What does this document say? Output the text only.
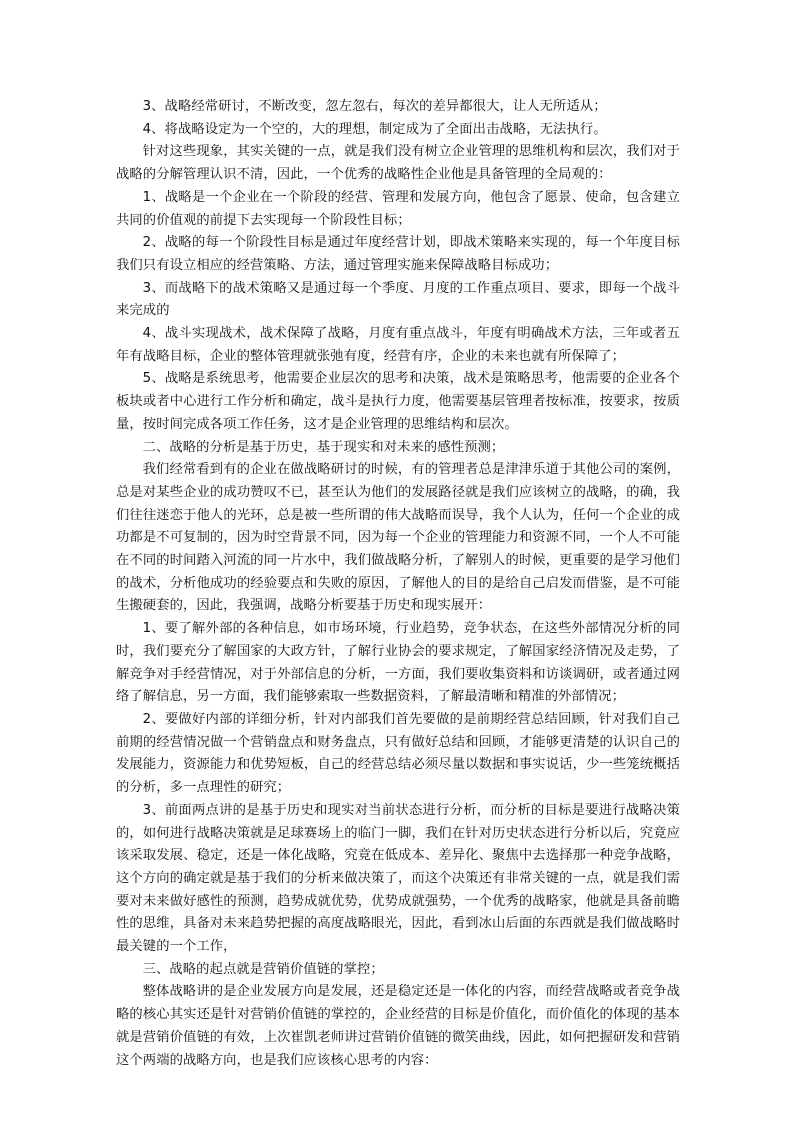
3、战略经常研讨，不断改变，忽左忽右，每次的差异都很大，让人无所适从；

4、将战略设定为一个空的，大的理想，制定成为了全面出击战略，无法执行。

针对这些现象，其实关键的一点，就是我们没有树立企业管理的思维机构和层次，我们对于战略的分解管理认识不清，因此，一个优秀的战略性企业他是具备管理的全局观的：

1、战略是一个企业在一个阶段的经营、管理和发展方向，他包含了愿景、使命，包含建立共同的价值观的前提下去实现每一个阶段性目标；

2、战略的每一个阶段性目标是通过年度经营计划，即战术策略来实现的，每一个年度目标我们只有设立相应的经营策略、方法，通过管理实施来保障战略目标成功；

3、而战略下的战术策略又是通过每一个季度、月度的工作重点项目、要求，即每一个战斗来完成的

4、战斗实现战术，战术保障了战略，月度有重点战斗，年度有明确战术方法，三年或者五年有战略目标，企业的整体管理就张弛有度，经营有序，企业的未来也就有所保障了；

5、战略是系统思考，他需要企业层次的思考和决策，战术是策略思考，他需要的企业各个板块或者中心进行工作分析和确定，战斗是执行力度，他需要基层管理者按标准，按要求，按质量，按时间完成各项工作任务，这才是企业管理的思维结构和层次。

二、战略的分析是基于历史，基于现实和对未来的感性预测；

我们经常看到有的企业在做战略研讨的时候，有的管理者总是津津乐道于其他公司的案例，总是对某些企业的成功赞叹不已，甚至认为他们的发展路径就是我们应该树立的战略，的确，我们往往迷恋于他人的光环，总是被一些所谓的伟大战略而误导，我个人认为，任何一个企业的成功都是不可复制的，因为时空背景不同，因为每一个企业的管理能力和资源不同，一个人不可能在不同的时间踏入河流的同一片水中，我们做战略分析，了解别人的时候，更重要的是学习他们的战术，分析他成功的经验要点和失败的原因，了解他人的目的是给自己启发而借鉴，是不可能生搬硬套的，因此，我强调，战略分析要基于历史和现实展开：

1、要了解外部的各种信息，如市场环境，行业趋势，竞争状态，在这些外部情况分析的同时，我们要充分了解国家的大政方针，了解行业协会的要求规定，了解国家经济情况及走势，了解竞争对手经营情况，对于外部信息的分析，一方面，我们要收集资料和访谈调研，或者通过网络了解信息，另一方面，我们能够索取一些数据资料，了解最清晰和精准的外部情况；

2、要做好内部的详细分析，针对内部我们首先要做的是前期经营总结回顾，针对我们自己前期的经营情况做一个营销盘点和财务盘点，只有做好总结和回顾，才能够更清楚的认识自己的发展能力，资源能力和优势短板，自己的经营总结必须尽量以数据和事实说话，少一些笼统概括的分析，多一点理性的研究；

3、前面两点讲的是基于历史和现实对当前状态进行分析，而分析的目标是要进行战略决策的，如何进行战略决策就是足球赛场上的临门一脚，我们在针对历史状态进行分析以后，究竟应该采取发展、稳定，还是一体化战略，究竟在低成本、差异化、聚焦中去选择那一种竞争战略，这个方向的确定就是基于我们的分析来做决策了，而这个决策还有非常关键的一点，就是我们需要对未来做好感性的预测，趋势成就优势，优势成就强势，一个优秀的战略家，他就是具备前瞻性的思维，具备对未来趋势把握的高度战略眼光，因此，看到冰山后面的东西就是我们做战略时最关键的一个工作，

三、战略的起点就是营销价值链的掌控；

整体战略讲的是企业发展方向是发展，还是稳定还是一体化的内容，而经营战略或者竞争战略的核心其实还是针对营销价值链的掌控的，企业经营的目标是价值化，而价值化的体现的基本就是营销价值链的有效，上次崔凯老师讲过营销价值链的微笑曲线，因此，如何把握研发和营销这个两端的战略方向，也是我们应该核心思考的内容：
